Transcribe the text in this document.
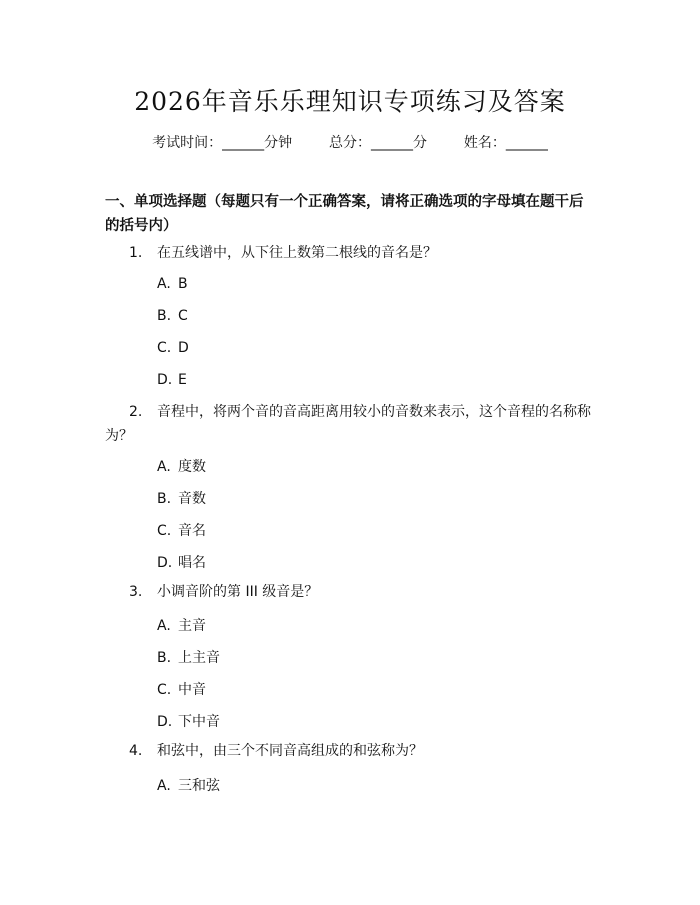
2026年音乐乐理知识专项练习及答案
考试时间：______分钟	总分：______分	姓名：______
一、单项选择题（每题只有一个正确答案，请将正确选项的字母填在题干后的括号内）
1. 在五线谱中，从下往上数第二根线的音名是？
A. B
B. C
C. D
D. E
2. 音程中，将两个音的音高距离用较小的音数来表示，这个音程的名称称为？
A. 度数
B. 音数
C. 音名
D. 唱名
3. 小调音阶的第 III 级音是？
A. 主音
B. 上主音
C. 中音
D. 下中音
4. 和弦中，由三个不同音高组成的和弦称为？
A. 三和弦
